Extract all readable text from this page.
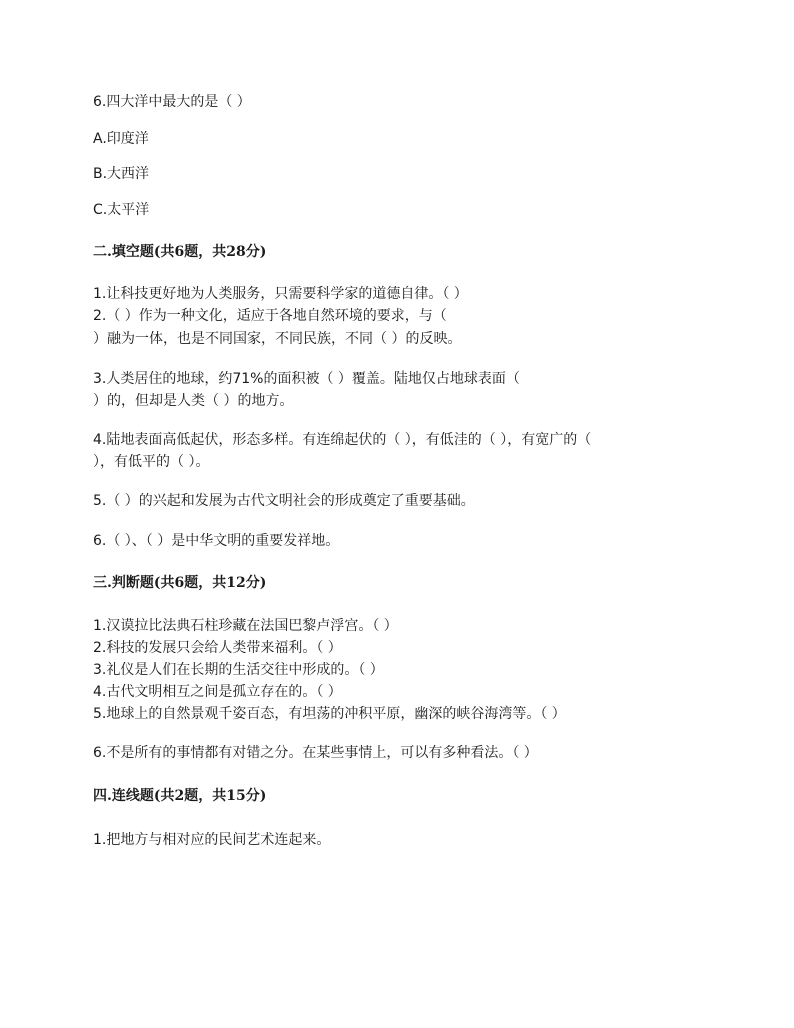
6.四大洋中最大的是（ ）
A.印度洋
B.大西洋
C.太平洋
二.填空题(共6题，共28分)
1.让科技更好地为人类服务，只需要科学家的道德自律。（ ）
2.（ ）作为一种文化，适应于各地自然环境的要求，与（
）融为一体，也是不同国家，不同民族，不同（ ）的反映。
3.人类居住的地球，约71%的面积被（ ）覆盖。陆地仅占地球表面（
）的，但却是人类（ ）的地方。
4.陆地表面高低起伏，形态多样。有连绵起伏的（ ），有低洼的（ ），有宽广的（
），有低平的（ ）。
5.（ ）的兴起和发展为古代文明社会的形成奠定了重要基础。
6.（ ）、（ ）是中华文明的重要发祥地。
三.判断题(共6题，共12分)
1.汉谟拉比法典石柱珍藏在法国巴黎卢浮宫。（ ）
2.科技的发展只会给人类带来福利。（ ）
3.礼仪是人们在长期的生活交往中形成的。（ ）
4.古代文明相互之间是孤立存在的。（ ）
5.地球上的自然景观千姿百态，有坦荡的冲积平原，幽深的峡谷海湾等。（ ）
6.不是所有的事情都有对错之分。在某些事情上，可以有多种看法。（ ）
四.连线题(共2题，共15分)
1.把地方与相对应的民间艺术连起来。
